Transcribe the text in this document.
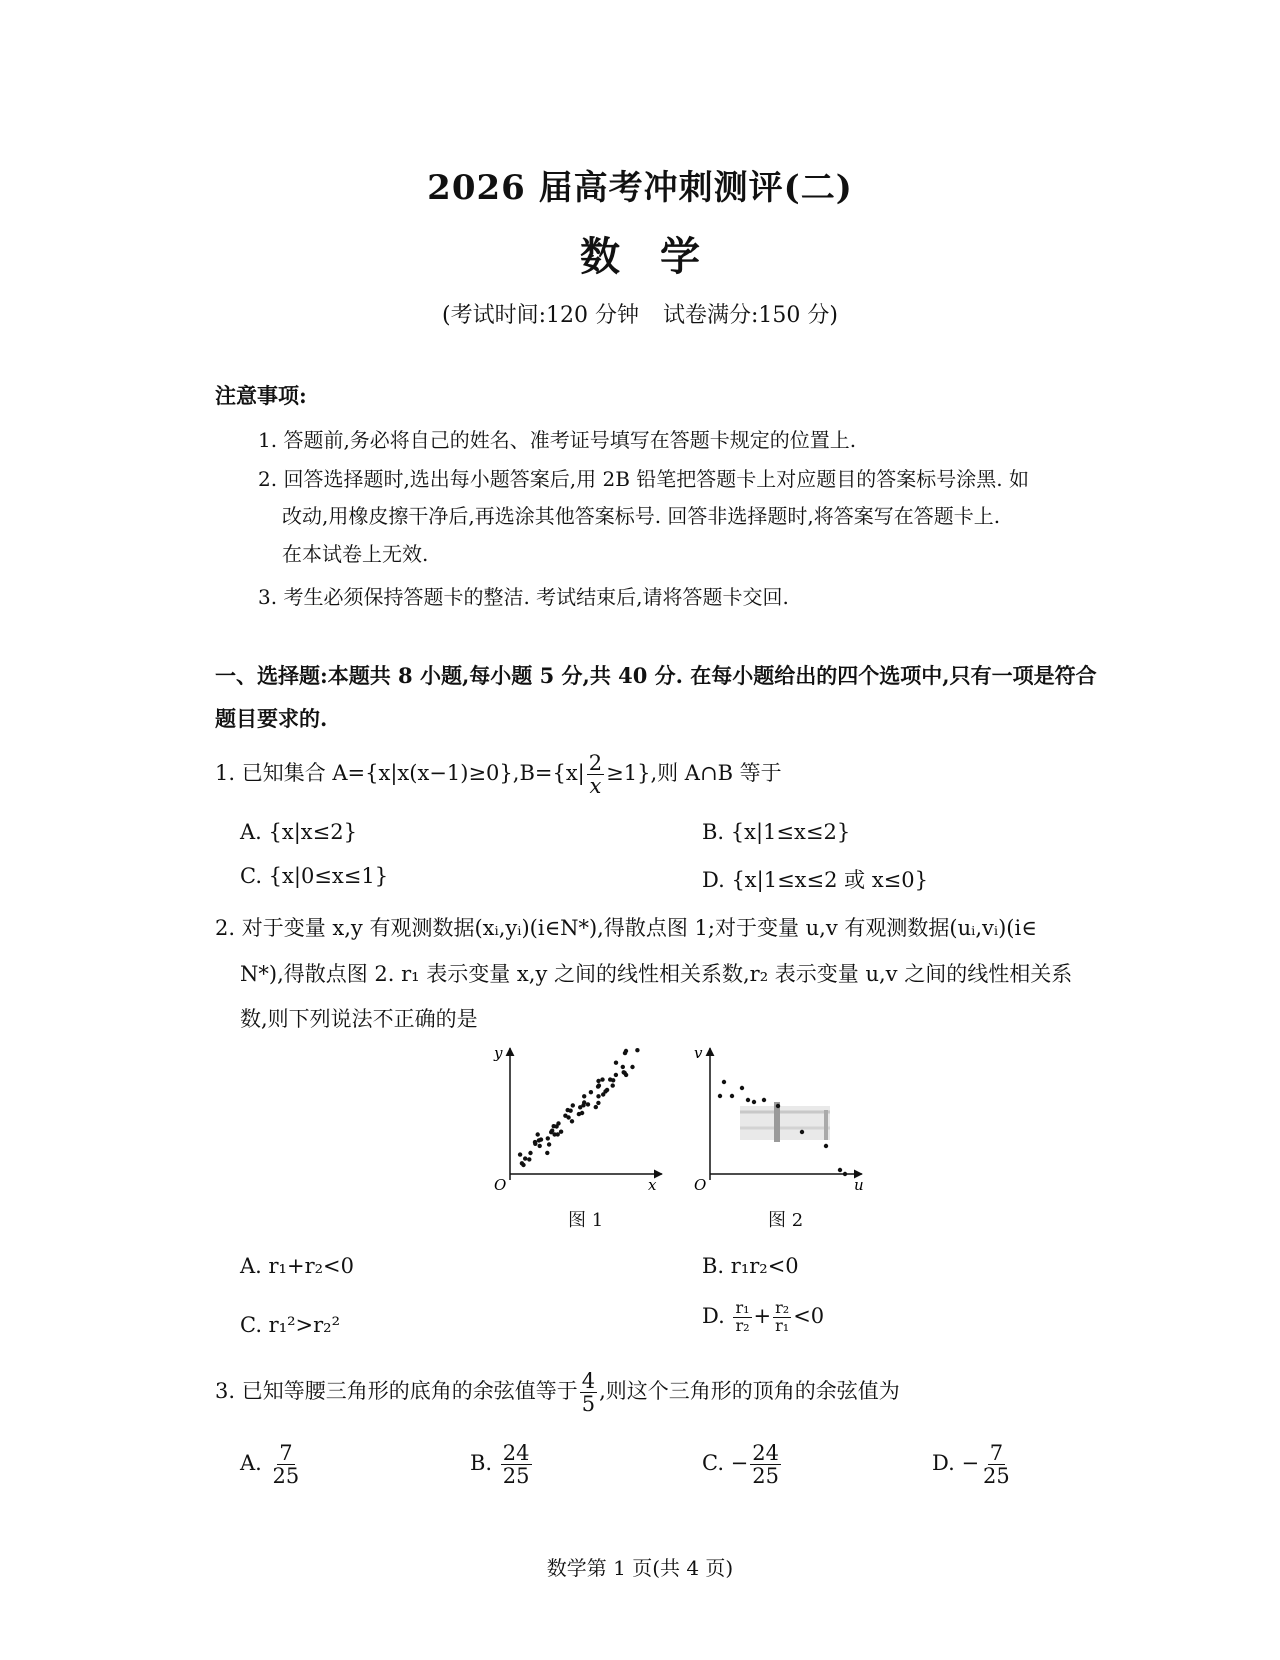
2026 届高考冲刺测评(二)
数学
(考试时间:120 分钟 试卷满分:150 分)
注意事项:
1. 答题前,务必将自己的姓名、准考证号填写在答题卡规定的位置上.
2. 回答选择题时,选出每小题答案后,用 2B 铅笔把答题卡上对应题目的答案标号涂黑. 如
改动,用橡皮擦干净后,再选涂其他答案标号. 回答非选择题时,将答案写在答题卡上.
在本试卷上无效.
3. 考生必须保持答题卡的整洁. 考试结束后,请将答题卡交回.
一、选择题:本题共 8 小题,每小题 5 分,共 40 分. 在每小题给出的四个选项中,只有一项是符合
题目要求的.
1. 已知集合 $A=\{x|x(x-1)\ge 0\},B=\{x| \frac{2}{x} \ge 1\}$,则 A∩B 等于
A. {x|x≤2}	B. {x|1≤x≤2}
C. {x|0≤x≤1}	D. {x|1≤x≤2 或 x≤0}
2. 对于变量 x,y 有观测数据(xᵢ,yᵢ)(i∈N*),得散点图 1;对于变量 u,v 有观测数据(uᵢ,vᵢ)(i∈
N*),得散点图 2. r₁ 表示变量 x,y 之间的线性相关系数,r₂ 表示变量 u,v 之间的线性相关系
数,则下列说法不正确的是
y
x
O
图 1
v
u
O
图 2
A. r₁+r₂<0	B. r₁r₂<0
C. r₁²>r₂²	D. $\frac{\text{r₁}}{\text{r₂}} + \frac{\text{r₂}}{\text{r₁}} <0$
3. 已知等腰三角形的底角的余弦值等于 $\frac{4}{5}$ ,则这个三角形的顶角的余弦值为
A. $\frac{7}{25}$	B. $\frac{24}{25}$	C. − $\frac{24}{25}$	D. − $\frac{7}{25}$
数学第 1 页(共 4 页)
